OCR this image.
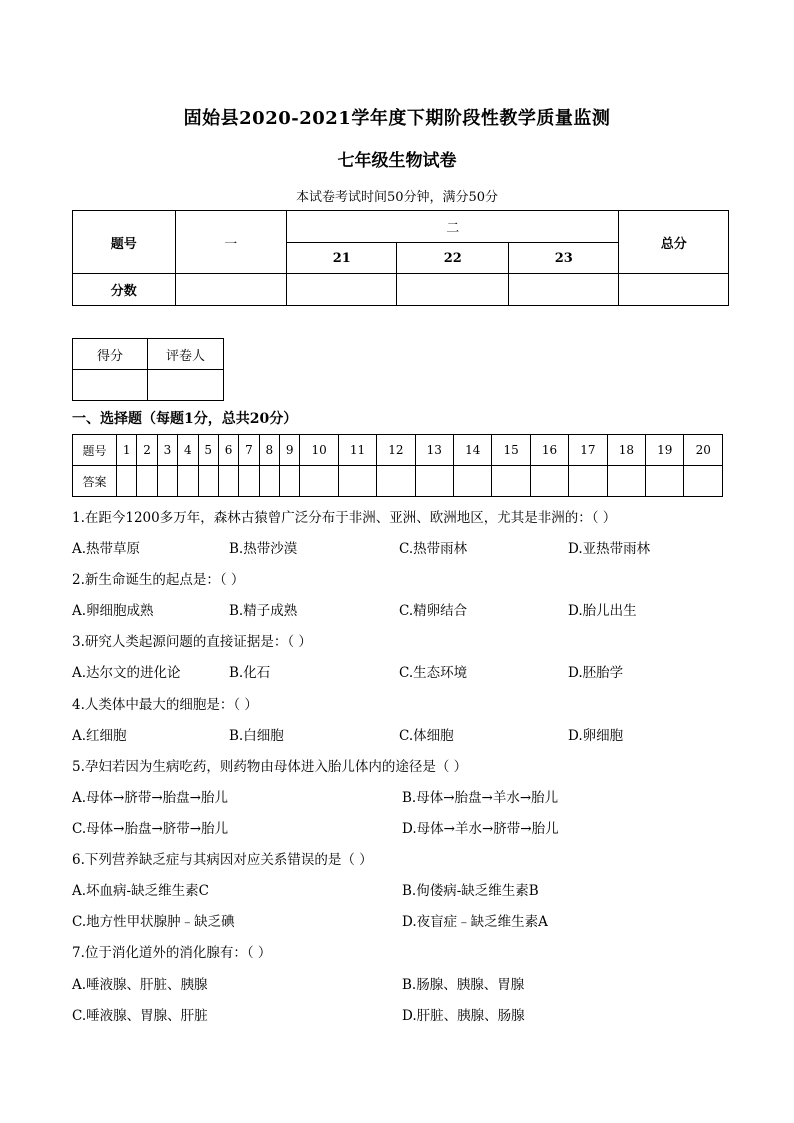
固始县2020-2021学年度下期阶段性教学质量监测
七年级生物试卷
本试卷考试时间50分钟，满分50分
题号	一	二			总分
		21	22	23	
分数					
得分	评卷人

一、选择题（每题1分，总共20分）
题号	1	2	3	4	5	6	7	8	9	10	11	12	13	14	15	16	17	18	19	20
答案																				
1.在距今1200多万年，森林古猿曾广泛分布于非洲、亚洲、欧洲地区，尤其是非洲的：（ ）
A.热带草原	B.热带沙漠	C.热带雨林	D.亚热带雨林
2.新生命诞生的起点是：（ ）
A.卵细胞成熟	B.精子成熟	C.精卵结合	D.胎儿出生
3.研究人类起源问题的直接证据是：（ ）
A.达尔文的进化论	B.化石	C.生态环境	D.胚胎学
4.人类体中最大的细胞是：（ ）
A.红细胞	B.白细胞	C.体细胞	D.卵细胞
5.孕妇若因为生病吃药，则药物由母体进入胎儿体内的途径是（ ）
A.母体→脐带→胎盘→胎儿	B.母体→胎盘→羊水→胎儿
C.母体→胎盘→脐带→胎儿	D.母体→羊水→脐带→胎儿
6.下列营养缺乏症与其病因对应关系错误的是（ ）
A.坏血病-缺乏维生素C	B.佝偻病-缺乏维生素B
C.地方性甲状腺肿﹣缺乏碘	D.夜盲症﹣缺乏维生素A
7.位于消化道外的消化腺有：（ ）
A.唾液腺、肝脏、胰腺	B.肠腺、胰腺、胃腺
C.唾液腺、胃腺、肝脏	D.肝脏、胰腺、肠腺
